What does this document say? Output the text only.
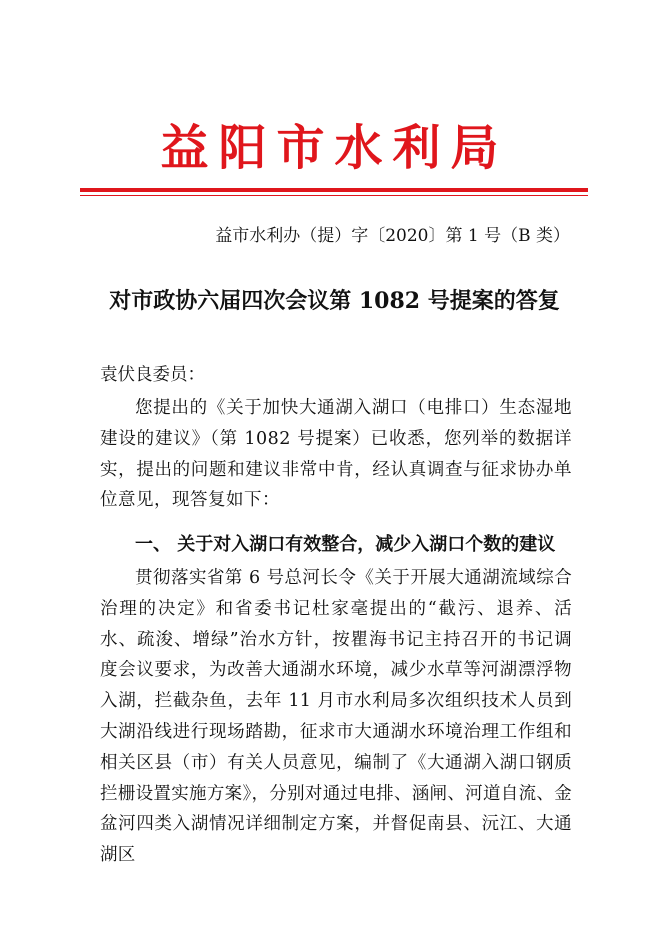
益阳市水利局
益市水利办（提）字〔2020〕第 1 号（B 类）
对市政协六届四次会议第 1082 号提案的答复
袁伏良委员：

您提出的《关于加快大通湖入湖口（电排口）生态湿地建设的建议》（第 1082 号提案）已收悉，您列举的数据详实，提出的问题和建议非常中肯，经认真调查与征求协办单位意见，现答复如下：

一、 关于对入湖口有效整合，减少入湖口个数的建议

贯彻落实省第 6 号总河长令《关于开展大通湖流域综合治理的决定》和省委书记杜家毫提出的“截污、退养、活水、疏浚、增绿”治水方针，按瞿海书记主持召开的书记调度会议要求，为改善大通湖水环境，减少水草等河湖漂浮物入湖，拦截杂鱼，去年 11 月市水利局多次组织技术人员到大湖沿线进行现场踏勘，征求市大通湖水环境治理工作组和相关区县（市）有关人员意见，编制了《大通湖入湖口钢质拦栅设置实施方案》，分别对通过电排、涵闸、河道自流、金盆河四类入湖情况详细制定方案，并督促南县、沅江、大通湖区
